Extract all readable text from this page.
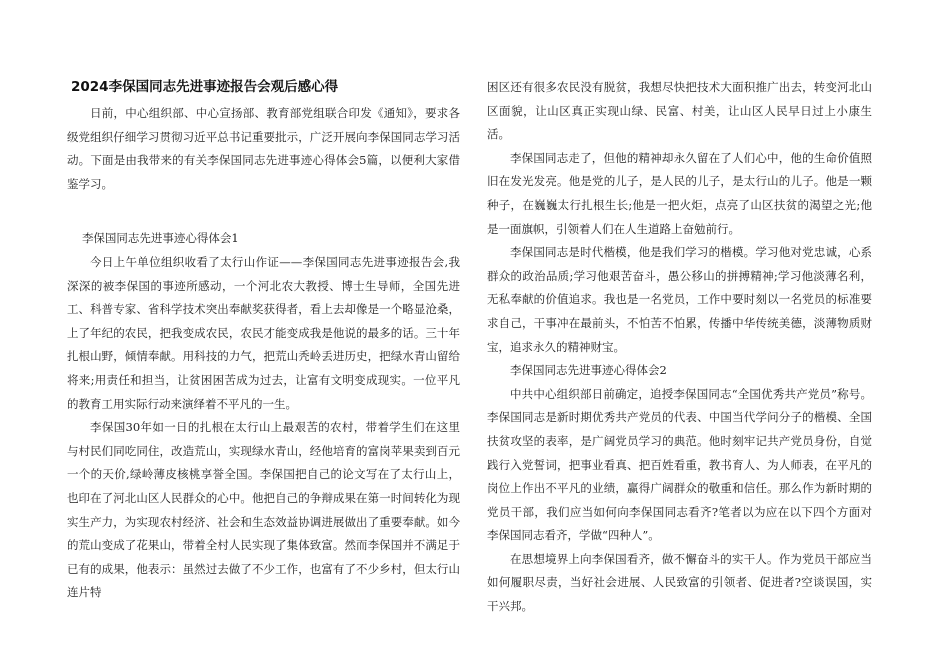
2024李保国同志先进事迹报告会观后感心得

日前，中心组织部、中心宣扬部、教育部党组联合印发《通知》，要求各级党组织仔细学习贯彻习近平总书记重要批示，广泛开展向李保国同志学习活动。下面是由我带来的有关李保国同志先进事迹心得体会5篇，以便利大家借鉴学习。

李保国同志先进事迹心得体会1

今日上午单位组织收看了太行山作证——李保国同志先进事迹报告会,我深深的被李保国的事迹所感动，一个河北农大教授、博士生导师，全国先进工、科普专家、省科学技术突出奉献奖获得者，看上去却像是一个略显沧桑，上了年纪的农民，把我变成农民，农民才能变成我是他说的最多的话。三十年扎根山野，倾情奉献。用科技的力气，把荒山秃岭丢进历史，把绿水青山留给将来;用责任和担当，让贫困困苦成为过去，让富有文明变成现实。一位平凡的教育工用实际行动来演绎着不平凡的一生。

李保国30年如一日的扎根在太行山上最艰苦的农村，带着学生们在这里与村民们同吃同住，改造荒山，实现绿水青山，经他培育的富岗苹果卖到百元一个的天价,绿岭薄皮核桃享誉全国。李保国把自己的论文写在了太行山上，也印在了河北山区人民群众的心中。他把自己的争辩成果在第一时间转化为现实生产力，为实现农村经济、社会和生态效益协调进展做出了重要奉献。如今的荒山变成了花果山，带着全村人民实现了集体致富。然而李保国并不满足于已有的成果，他表示：虽然过去做了不少工作，也富有了不少乡村，但太行山连片特

困区还有很多农民没有脱贫，我想尽快把技术大面积推广出去，转变河北山区面貌，让山区真正实现山绿、民富、村美，让山区人民早日过上小康生活。

李保国同志走了，但他的精神却永久留在了人们心中，他的生命价值照旧在发光发亮。他是党的儿子，是人民的儿子，是太行山的儿子。他是一颗种子，在巍巍太行扎根生长;他是一把火炬，点亮了山区扶贫的渴望之光;他是一面旗帜，引领着人们在人生道路上奋勉前行。

李保国同志是时代楷模，他是我们学习的楷模。学习他对党忠诚，心系群众的政治品质;学习他艰苦奋斗，愚公移山的拼搏精神;学习他淡薄名利，无私奉献的价值追求。我也是一名党员，工作中要时刻以一名党员的标准要求自己，干事冲在最前头，不怕苦不怕累，传播中华传统美德，淡薄物质财宝，追求永久的精神财宝。

李保国同志先进事迹心得体会2

中共中心组织部日前确定，追授李保国同志“全国优秀共产党员”称号。李保国同志是新时期优秀共产党员的代表、中国当代学问分子的楷模、全国扶贫攻坚的表率，是广阔党员学习的典范。他时刻牢记共产党员身份，自觉践行入党誓词，把事业看真、把百姓看重，教书育人、为人师表，在平凡的岗位上作出不平凡的业绩，赢得广阔群众的敬重和信任。那么作为新时期的党员干部，我们应当如何向李保国同志看齐?笔者以为应在以下四个方面对李保国同志看齐，学做“四种人”。

在思想境界上向李保国看齐，做不懈奋斗的实干人。作为党员干部应当如何履职尽责，当好社会进展、人民致富的引领者、促进者?空谈误国，实干兴邦。
